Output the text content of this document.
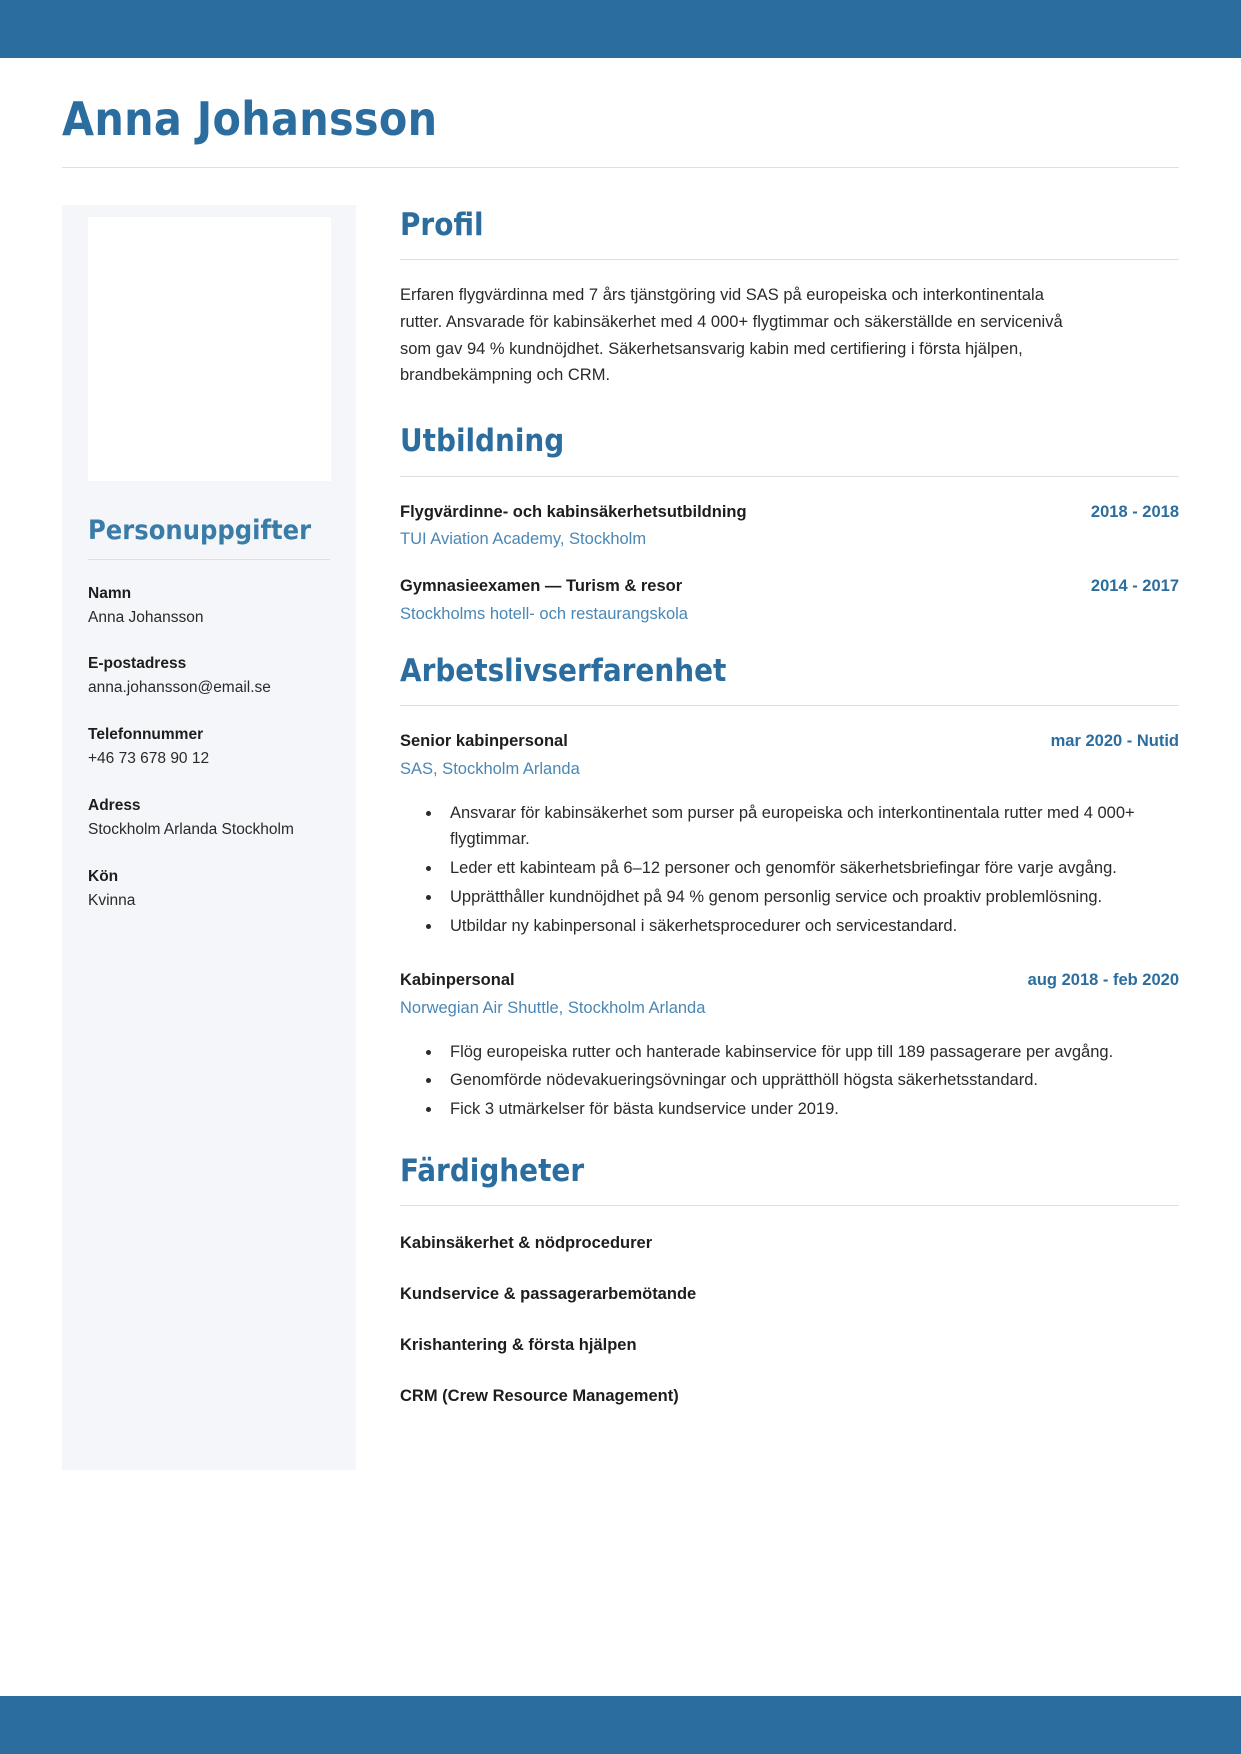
Anna Johansson
Personuppgifter
Namn
Anna Johansson
E-postadress
anna.johansson@email.se
Telefonnummer
+46 73 678 90 12
Adress
Stockholm Arlanda Stockholm
Kön
Kvinna
Profil

Erfaren flygvärdinna med 7 års tjänstgöring vid SAS på europeiska och interkontinentala rutter. Ansvarade för kabinsäkerhet med 4 000+ flygtimmar och säkerställde en servicenivå som gav 94 % kundnöjdhet. Säkerhetsansvarig kabin med certifiering i första hjälpen, brandbekämpning och CRM.

Utbildning
Flygvärdinne- och kabinsäkerhetsutbildning	2018 - 2018
TUI Aviation Academy, Stockholm
Gymnasieexamen — Turism & resor	2014 - 2017
Stockholms hotell- och restaurangskola
Arbetslivserfarenhet
Senior kabinpersonal	mar 2020 - Nutid
SAS, Stockholm Arlanda
• Ansvarar för kabinsäkerhet som purser på europeiska och interkontinentala rutter med 4 000+ flygtimmar.
• Leder ett kabinteam på 6–12 personer och genomför säkerhetsbriefingar före varje avgång.
• Upprätthåller kundnöjdhet på 94 % genom personlig service och proaktiv problemlösning.
• Utbildar ny kabinpersonal i säkerhetsprocedurer och servicestandard.
Kabinpersonal	aug 2018 - feb 2020
Norwegian Air Shuttle, Stockholm Arlanda
• Flög europeiska rutter och hanterade kabinservice för upp till 189 passagerare per avgång.
• Genomförde nödevakueringsövningar och upprätthöll högsta säkerhetsstandard.
• Fick 3 utmärkelser för bästa kundservice under 2019.
Färdigheter
Kabinsäkerhet & nödprocedurer
Kundservice & passagerarbemötande
Krishantering & första hjälpen
CRM (Crew Resource Management)
